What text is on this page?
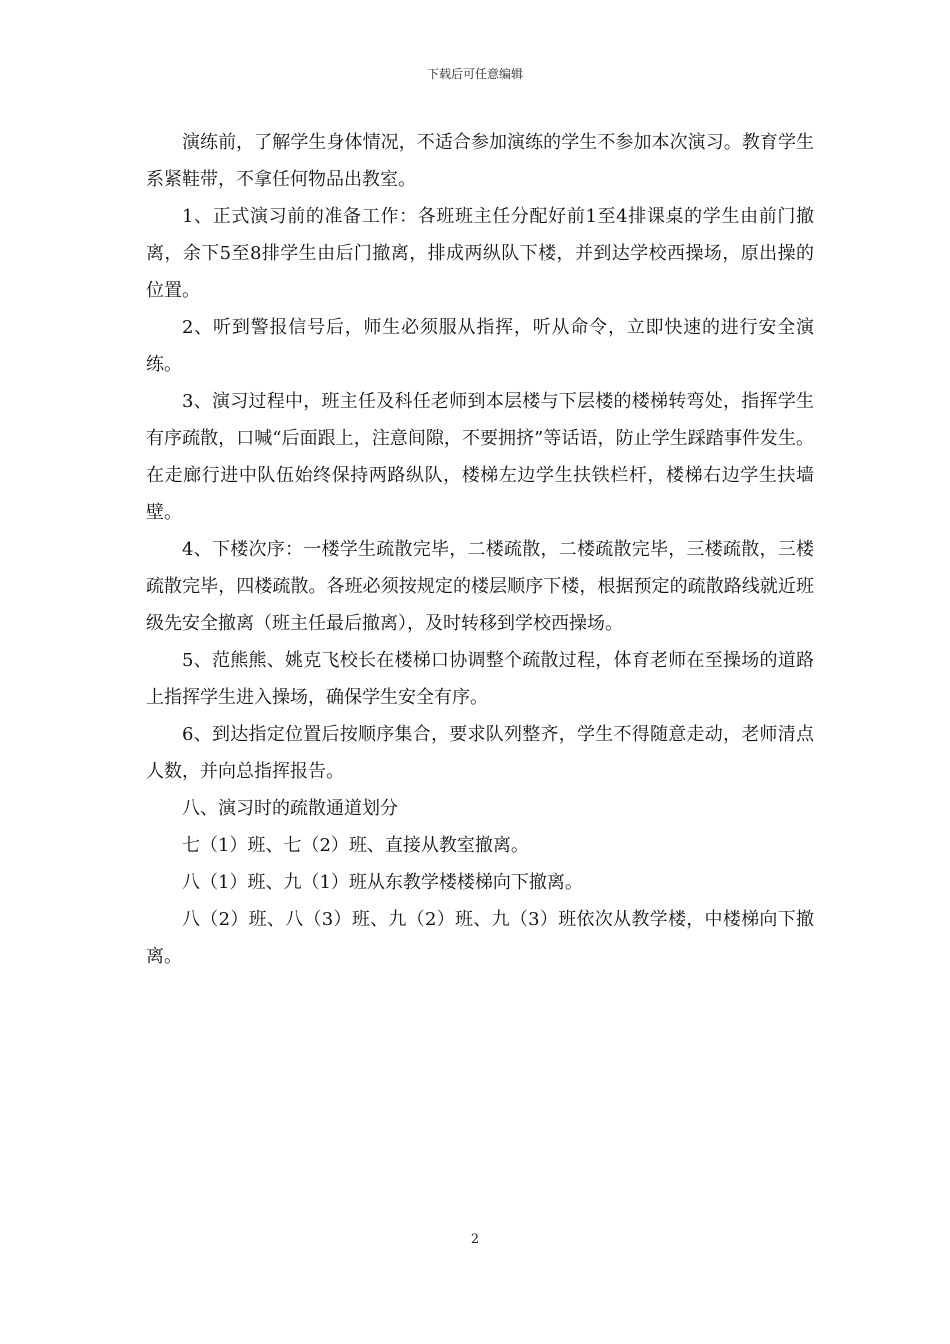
下载后可任意编辑

演练前，了解学生身体情况，不适合参加演练的学生不参加本次演习。教育学生系紧鞋带，不拿任何物品出教室。

1、正式演习前的准备工作：各班班主任分配好前1至4排课桌的学生由前门撤离，余下5至8排学生由后门撤离，排成两纵队下楼，并到达学校西操场，原出操的位置。

2、听到警报信号后，师生必须服从指挥，听从命令，立即快速的进行安全演练。

3、演习过程中，班主任及科任老师到本层楼与下层楼的楼梯转弯处，指挥学生有序疏散，口喊“后面跟上，注意间隙，不要拥挤”等话语，防止学生踩踏事件发生。在走廊行进中队伍始终保持两路纵队，楼梯左边学生扶铁栏杆，楼梯右边学生扶墙壁。

4、下楼次序：一楼学生疏散完毕，二楼疏散，二楼疏散完毕，三楼疏散，三楼疏散完毕，四楼疏散。各班必须按规定的楼层顺序下楼，根据预定的疏散路线就近班级先安全撤离（班主任最后撤离），及时转移到学校西操场。

5、范熊熊、姚克飞校长在楼梯口协调整个疏散过程，体育老师在至操场的道路上指挥学生进入操场，确保学生安全有序。

6、到达指定位置后按顺序集合，要求队列整齐，学生不得随意走动，老师清点人数，并向总指挥报告。

八、演习时的疏散通道划分

七（1）班、七（2）班、直接从教室撤离。

八（1）班、九（1）班从东教学楼楼梯向下撤离。

八（2）班、八（3）班、九（2）班、九（3）班依次从教学楼，中楼梯向下撤离。

2
